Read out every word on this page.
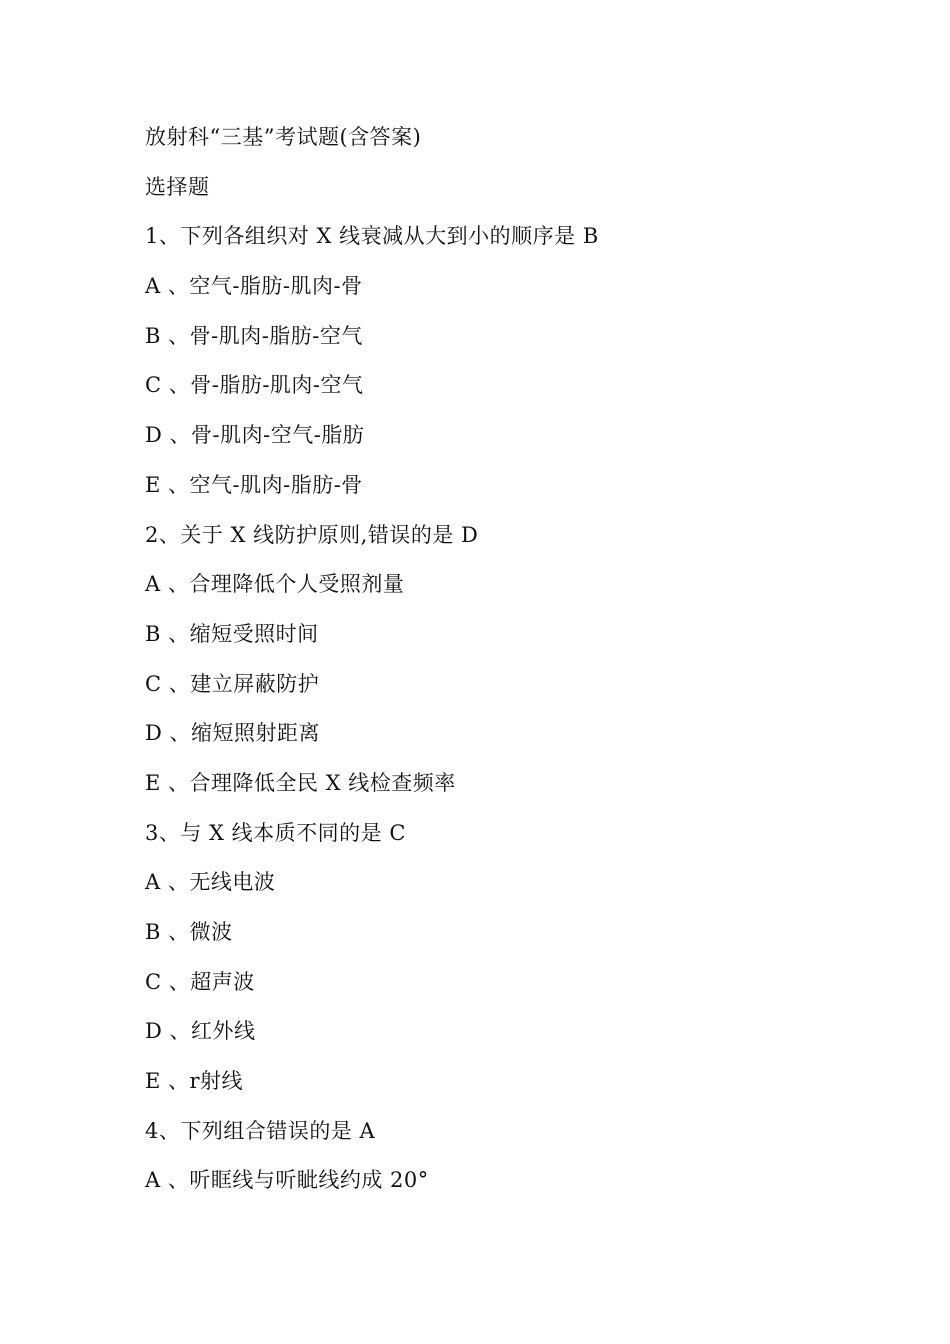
放射科“三基”考试题(含答案)
选择题
1、下列各组织对 X 线衰减从大到小的顺序是 B
A 、空气-脂肪-肌肉-骨
B 、骨-肌肉-脂肪-空气
C 、骨-脂肪-肌肉-空气
D 、骨-肌肉-空气-脂肪
E 、空气-肌肉-脂肪-骨
2、关于 X 线防护原则,错误的是 D
A 、合理降低个人受照剂量
B 、缩短受照时间
C 、建立屏蔽防护
D 、缩短照射距离
E 、合理降低全民 X 线检查频率
3、与 X 线本质不同的是 C
A 、无线电波
B 、微波
C 、超声波
D 、红外线
E 、r射线
4、下列组合错误的是 A
A 、听眶线与听眦线约成 20°
